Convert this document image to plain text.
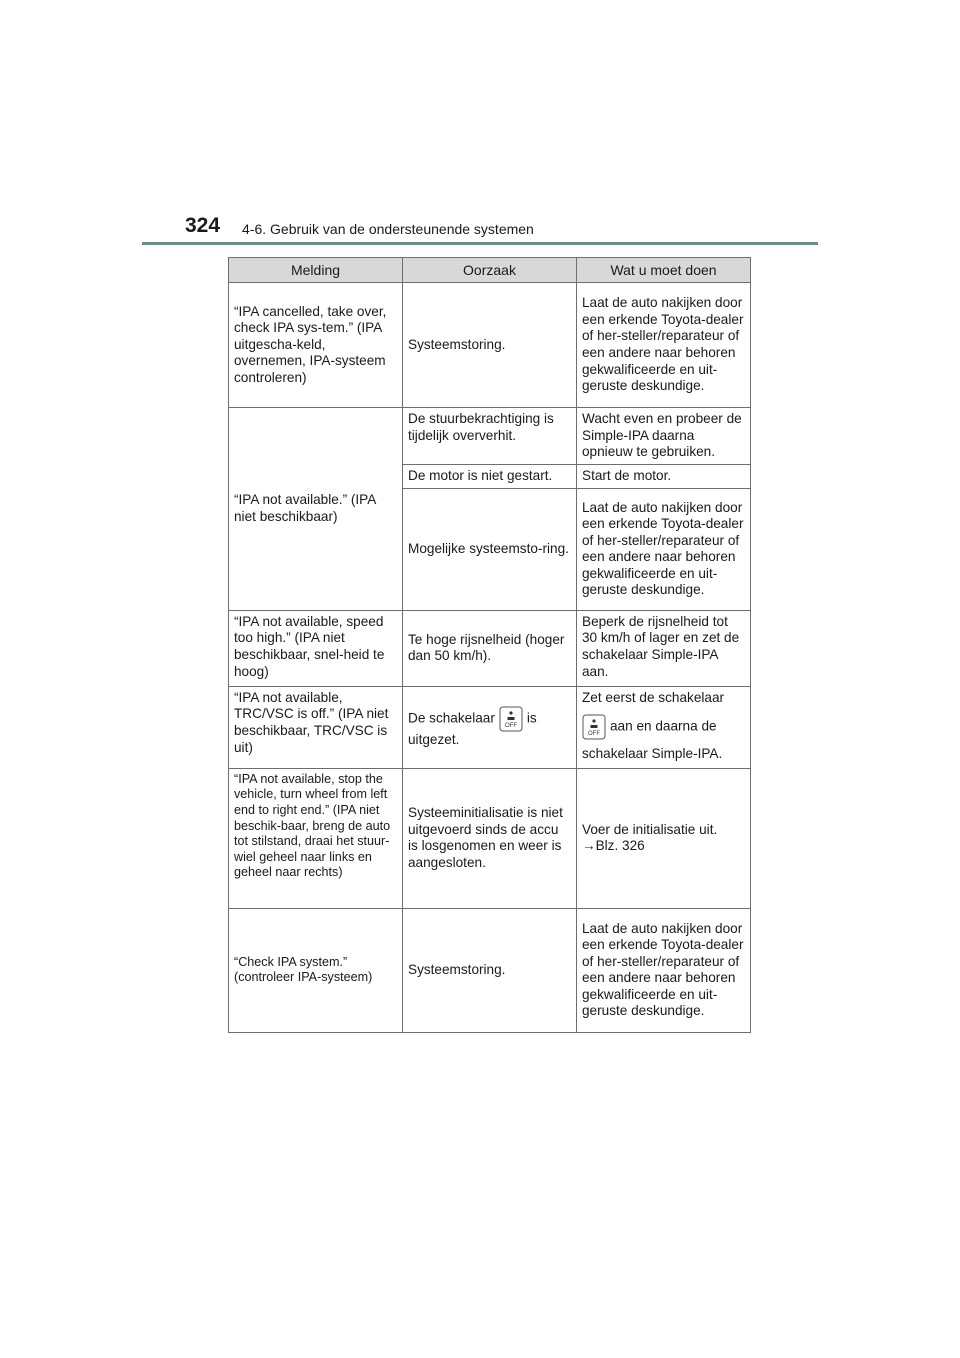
324 4-6. Gebruik van de ondersteunende systemen
Melding	Oorzaak	Wat u moet doen
“IPA cancelled, take over, check IPA sys-tem.” (IPA uitgescha-keld, overnemen, IPA-systeem controleren)	Systeemstoring.	Laat de auto nakijken door een erkende Toyota-dealer of her-steller/reparateur of een andere naar behoren gekwalificeerde en uit-geruste deskundige.
“IPA not available.” (IPA niet beschikbaar)	De stuurbekrachtiging is tijdelijk oververhit.	Wacht even en probeer de Simple-IPA daarna opnieuw te gebruiken.
	De motor is niet gestart.	Start de motor.
	Mogelijke systeemsto-ring.	Laat de auto nakijken door een erkende Toyota-dealer of her-steller/reparateur of een andere naar behoren gekwalificeerde en uit-geruste deskundige.
“IPA not available, speed too high.” (IPA niet beschikbaar, snel-heid te hoog)	Te hoge rijsnelheid (hoger dan 50 km/h).	Beperk de rijsnelheid tot 30 km/h of lager en zet de schakelaar Simple-IPA aan.
“IPA not available, TRC/VSC is off.” (IPA niet beschikbaar, TRC/VSC is uit)	De schakelaar
OFF
is uitgezet.	Zet eerst de schakelaar
OFF
aan en daarna de
schakelaar Simple-IPA.
“IPA not available, stop the vehicle, turn wheel from left end to right end.” (IPA niet beschik-baar, breng de auto tot stilstand, draai het stuur-wiel geheel naar links en geheel naar rechts)	Systeeminitialisatie is niet uitgevoerd sinds de accu is losgenomen en weer is aangesloten.	Voer de initialisatie uit.
→Blz. 326
“Check IPA system.” (controleer IPA-systeem)	Systeemstoring.	Laat de auto nakijken door een erkende Toyota-dealer of her-steller/reparateur of een andere naar behoren gekwalificeerde en uit-geruste deskundige.
